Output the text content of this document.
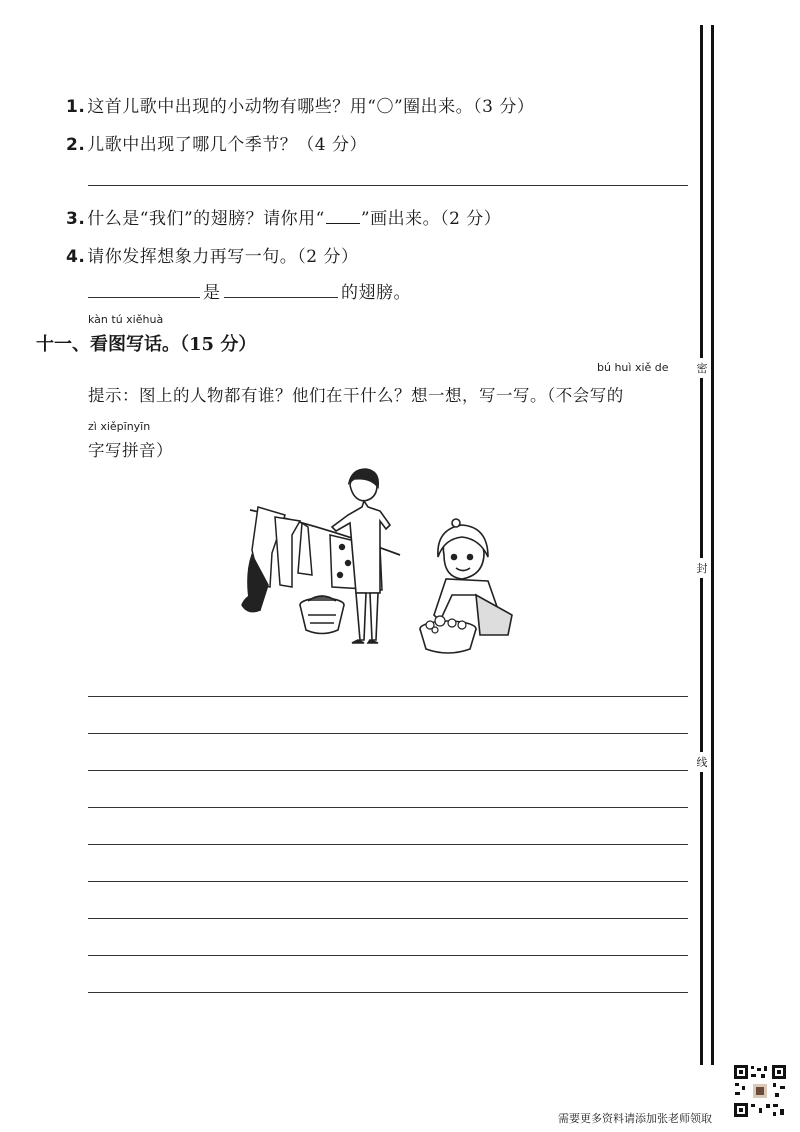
1. 这首儿歌中出现的小动物有哪些？用“〇”圈出来。（3 分）
2. 儿歌中出现了哪几个季节？（4 分）
3. 什么是“我们”的翅膀？请你用“ ”画出来。（2 分）
4. 请你发挥想象力再写一句。（2 分）
是	的翅膀。
kàn tú xiěhuà
十一、看图写话。（15 分）
bú huì xiě de
提示：图上的人物都有谁？他们在干什么？想一想，写一写。（不会写的
zì xiěpīnyīn
字写拼音）
密
封
线
需要更多资料请添加张老师领取
